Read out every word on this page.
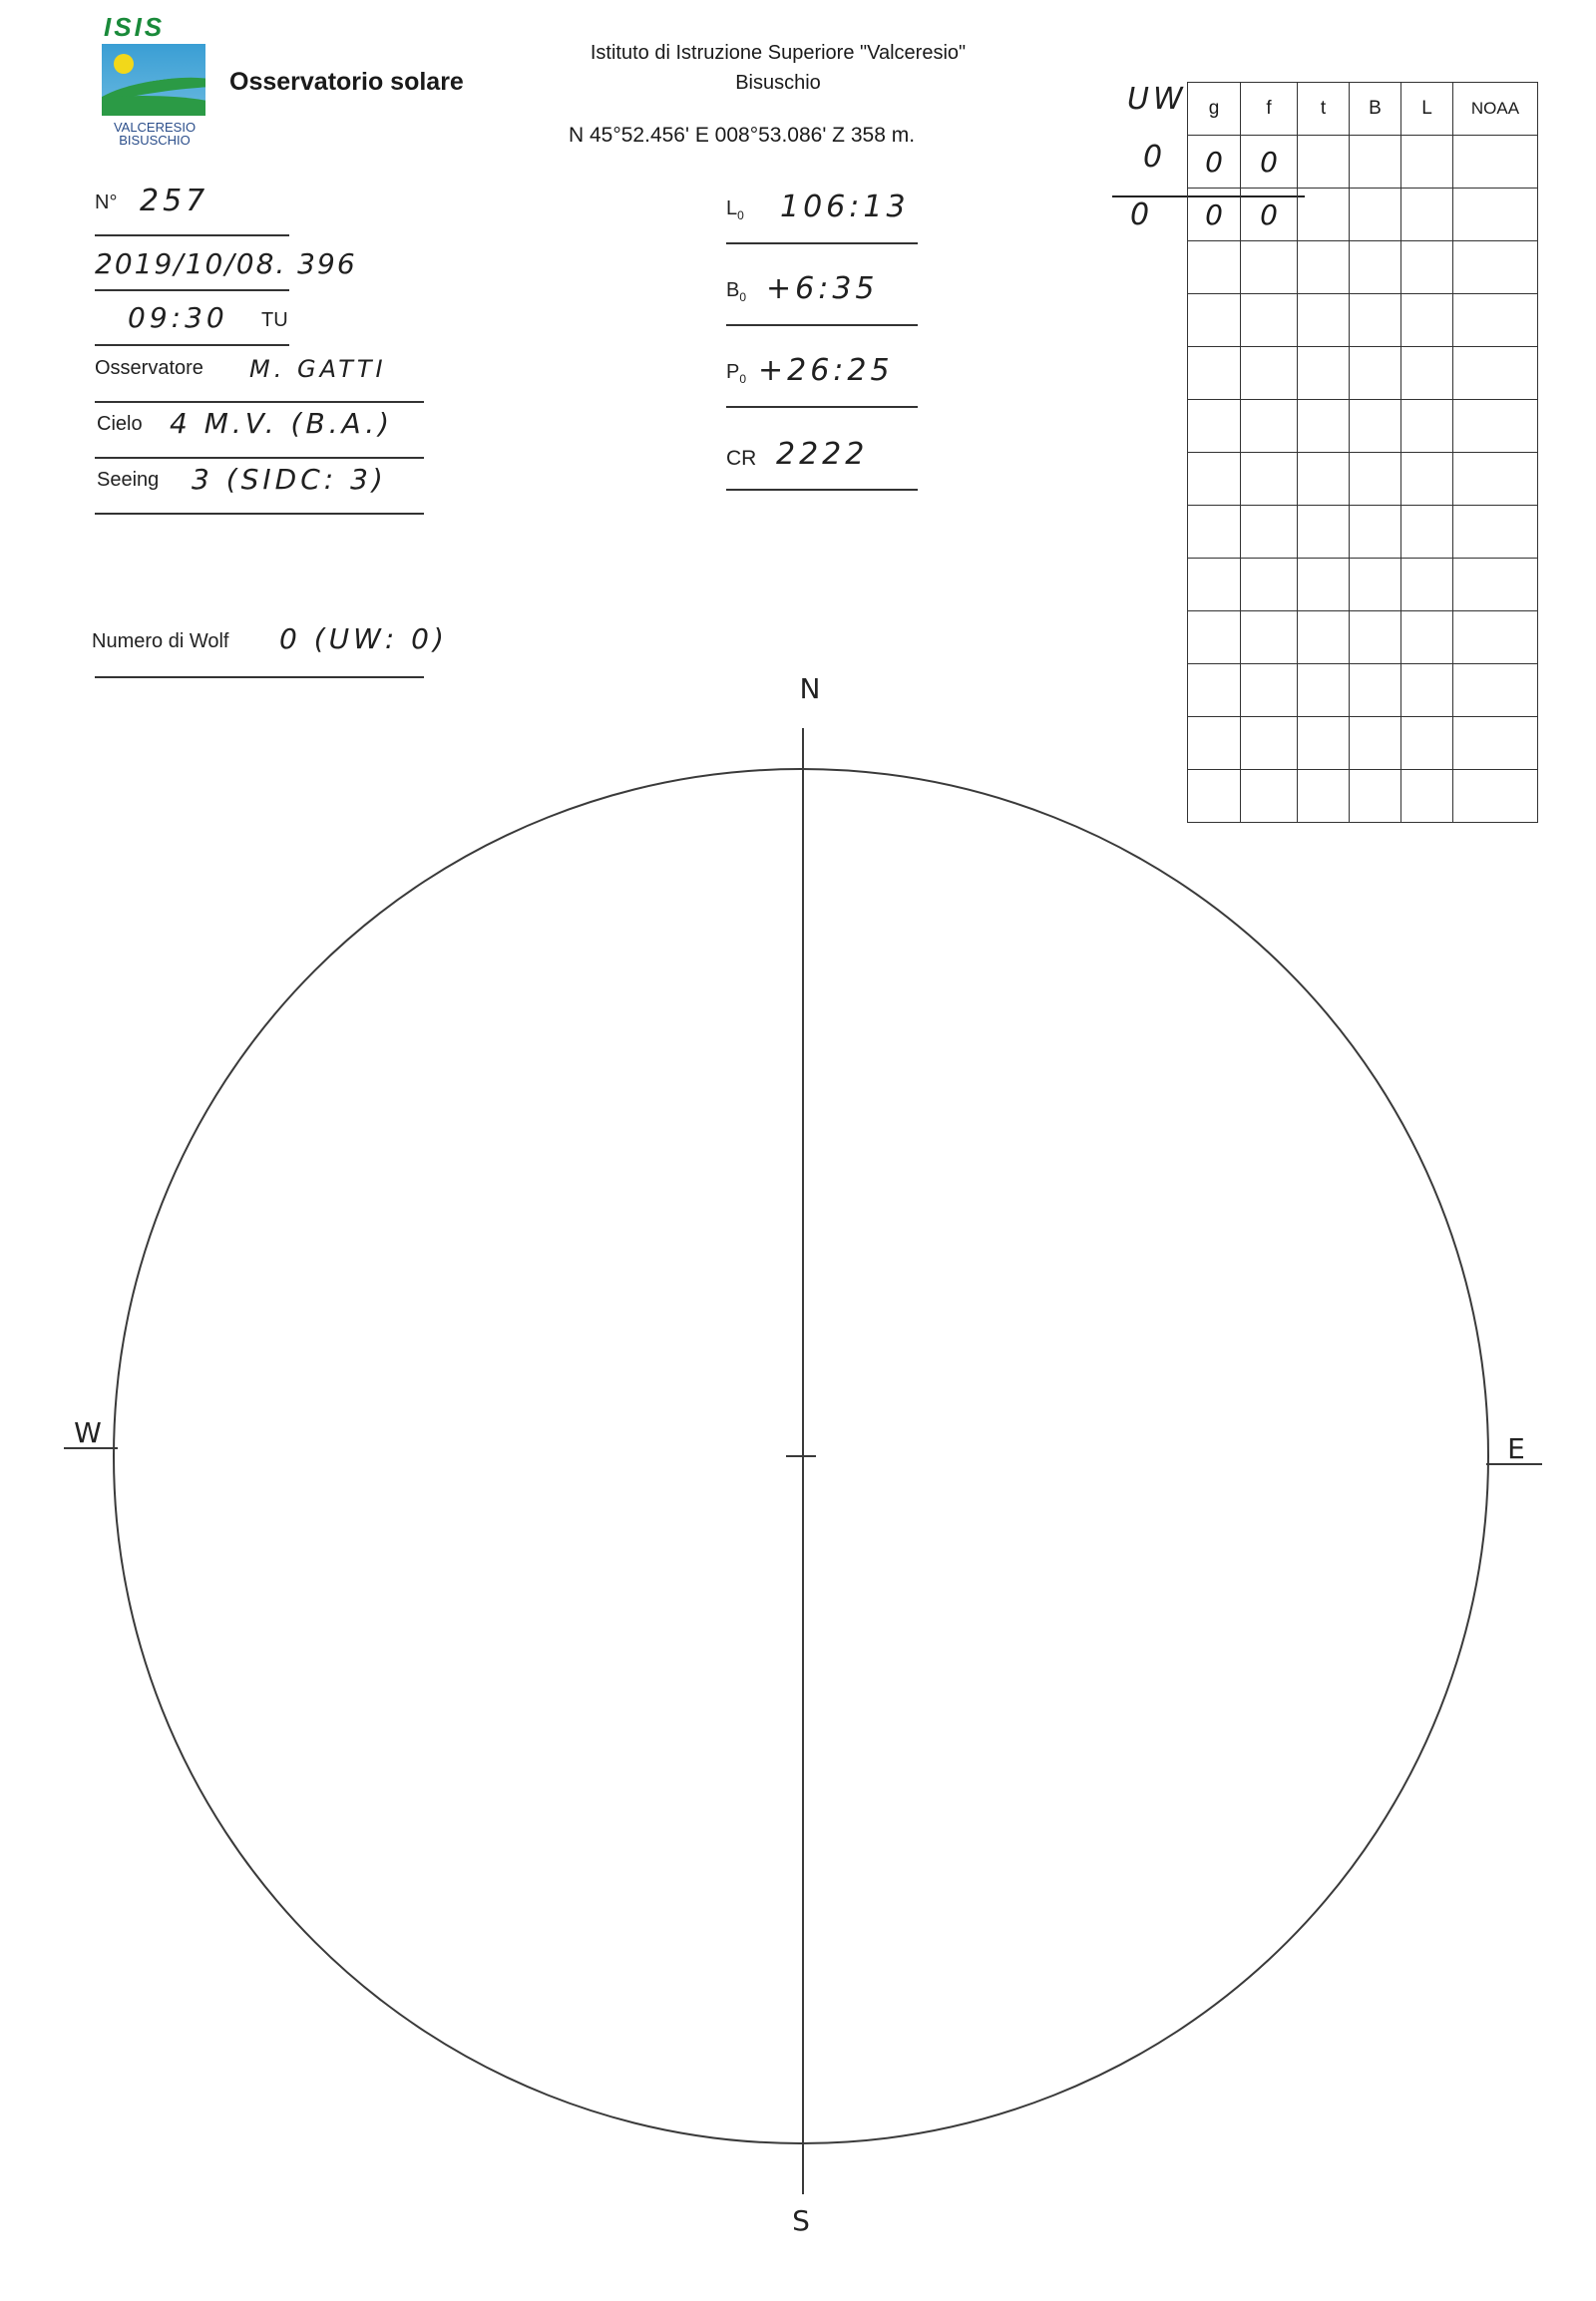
ISIS
VALCERESIO
BISUSCHIO
Osservatorio solare
Istituto di Istruzione Superiore "Valceresio"
Bisuschio
N 45°52.456' E 008°53.086' Z 358 m.
N° 257
2019/10/08. 396
09:30 TU
Osservatore M. GATTI
Cielo 4 M.V. (B.A.)
Seeing 3 (SIDC: 3)
Numero di Wolf 0 (UW: 0)
$L_0$ 106:13
$B_0$ +6:35
$P_0$ +26:25
CR 2222
UW
0
0
g	f	t	B	L	NOAA
0	0				
0	0				

N
S
W	E
